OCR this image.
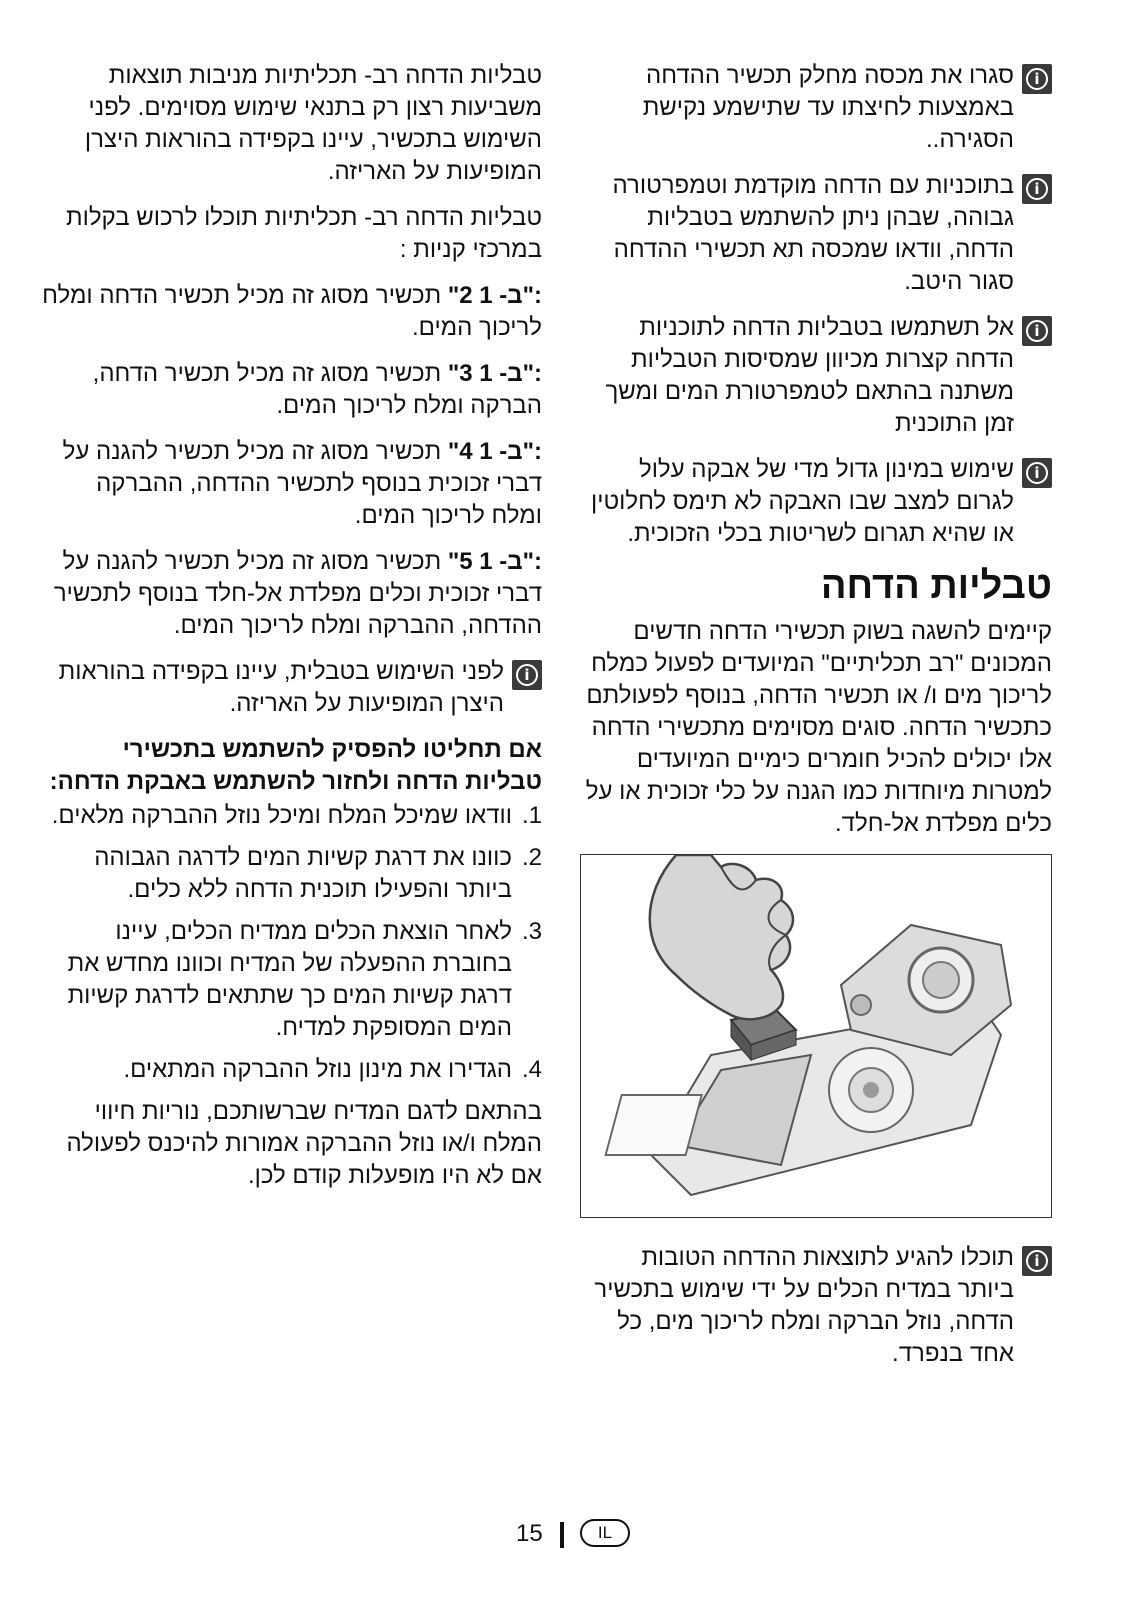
i
סגרו את מכסה מחלק תכשיר ההדחה באמצעות לחיצתו עד שתישמע נקישת הסגירה..
i
בתוכניות עם הדחה מוקדמת וטמפרטורה גבוהה, שבהן ניתן להשתמש בטבליות הדחה, וודאו שמכסה תא תכשירי ההדחה סגור היטב.
i
אל תשתמשו בטבליות הדחה לתוכניות הדחה קצרות מכיוון שמסיסות הטבליות משתנה בהתאם לטמפרטורת המים ומשך זמן התוכנית
i
שימוש במינון גדול מדי של אבקה עלול לגרום למצב שבו האבקה לא תימס לחלוטין או שהיא תגרום לשריטות בכלי הזכוכית.
טבליות הדחה

קיימים להשגה בשוק תכשירי הדחה חדשים המכונים "רב תכליתיים" המיועדים לפעול כמלח לריכוך מים ו/ או תכשיר הדחה, בנוסף לפעולתם כתכשיר הדחה. סוגים מסוימים מתכשירי הדחה אלו יכולים להכיל חומרים כימיים המיועדים למטרות מיוחדות כמו הגנה על כלי זכוכית או על כלים מפלדת אל-חלד.

i
תוכלו להגיע לתוצאות ההדחה הטובות ביותר במדיח הכלים על ידי שימוש בתכשיר הדחה, נוזל הברקה ומלח לריכוך מים, כל אחד בנפרד.

טבליות הדחה רב- תכליתיות מניבות תוצאות משביעות רצון רק בתנאי שימוש מסוימים. לפני השימוש בתכשיר, עיינו בקפידה בהוראות היצרן המופיעות על האריזה.

טבליות הדחה רב- תכליתיות תוכלו לרכוש בקלות במרכזי קניות :

"2 ב- 1": תכשיר מסוג זה מכיל תכשיר הדחה ומלח לריכוך המים.

"3 ב- 1": תכשיר מסוג זה מכיל תכשיר הדחה, הברקה ומלח לריכוך המים.

"4 ב- 1": תכשיר מסוג זה מכיל תכשיר להגנה על דברי זכוכית בנוסף לתכשיר ההדחה, ההברקה ומלח לריכוך המים.

"5 ב- 1": תכשיר מסוג זה מכיל תכשיר להגנה על דברי זכוכית וכלים מפלדת אל-חלד בנוסף לתכשיר ההדחה, ההברקה ומלח לריכוך המים.

i
לפני השימוש בטבלית, עיינו בקפידה בהוראות היצרן המופיעות על האריזה.
אם תחליטו להפסיק להשתמש בתכשירי טבליות הדחה ולחזור להשתמש באבקת הדחה:
1.
וודאו שמיכל המלח ומיכל נוזל ההברקה מלאים.
2.
כוונו את דרגת קשיות המים לדרגה הגבוהה ביותר והפעילו תוכנית הדחה ללא כלים.
3.
לאחר הוצאת הכלים ממדיח הכלים, עיינו בחוברת ההפעלה של המדיח וכוונו מחדש את דרגת קשיות המים כך שתתאים לדרגת קשיות המים המסופקת למדיח.
4.
הגדירו את מינון נוזל ההברקה המתאים.

בהתאם לדגם המדיח שברשותכם, נוריות חיווי המלח ו/או נוזל ההברקה אמורות להיכנס לפעולה אם לא היו מופעלות קודם לכן.

15	IL
